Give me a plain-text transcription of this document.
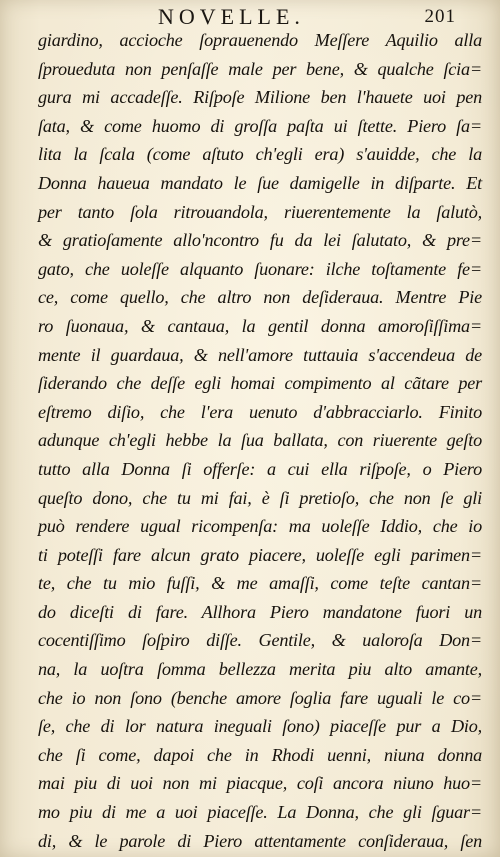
NOVELLE.	201
giardino, accioche ſoprauenendo Meſſere Aquilio alla
ſproueduta non penſaſſe male per bene, & qualche ſcia=
gura mi accadeſſe. Riſpoſe Milione ben l'hauete uoi pen
ſata, & come huomo di groſſa paſta ui ſtette. Piero ſa=
lita la ſcala (come aſtuto ch'egli era) s'auidde, che la
Donna haueua mandato le ſue damigelle in diſparte. Et
per tanto ſola ritrouandola, riuerentemente la ſalutò,
& gratioſamente allo'ncontro fu da lei ſalutato, & pre=
gato, che uoleſſe alquanto ſuonare: ilche toſtamente fe=
ce, come quello, che altro non deſideraua. Mentre Pie
ro ſuonaua, & cantaua, la gentil donna amoroſiſſima=
mente il guardaua, & nell'amore tuttauia s'accendeua de
ſiderando che deſſe egli homai compimento al cãtare per
eſtremo diſio, che l'era uenuto d'abbracciarlo. Finito
adunque ch'egli hebbe la ſua ballata, con riuerente geſto
tutto alla Donna ſi offerſe: a cui ella riſpoſe, o Piero
queſto dono, che tu mi fai, è ſi pretioſo, che non ſe gli
può rendere ugual ricompenſa: ma uoleſſe Iddio, che io
ti poteſſi fare alcun grato piacere, uoleſſe egli parimen=
te, che tu mio fuſſi, & me amaſſi, come teſte cantan=
do diceſti di fare. Allhora Piero mandatone fuori un
cocentiſſimo ſoſpiro diſſe. Gentile, & ualoroſa Don=
na, la uoſtra ſomma bellezza merita piu alto amante,
che io non ſono (benche amore ſoglia fare uguali le co=
ſe, che di lor natura ineguali ſono) piaceſſe pur a Dio,
che ſi come, dapoi che in Rhodi uenni, niuna donna
mai piu di uoi non mi piacque, coſi ancora niuno huo=
mo piu di me a uoi piaceſſe. La Donna, che gli ſguar=
di, & le parole di Piero attentamente conſideraua, ſen
